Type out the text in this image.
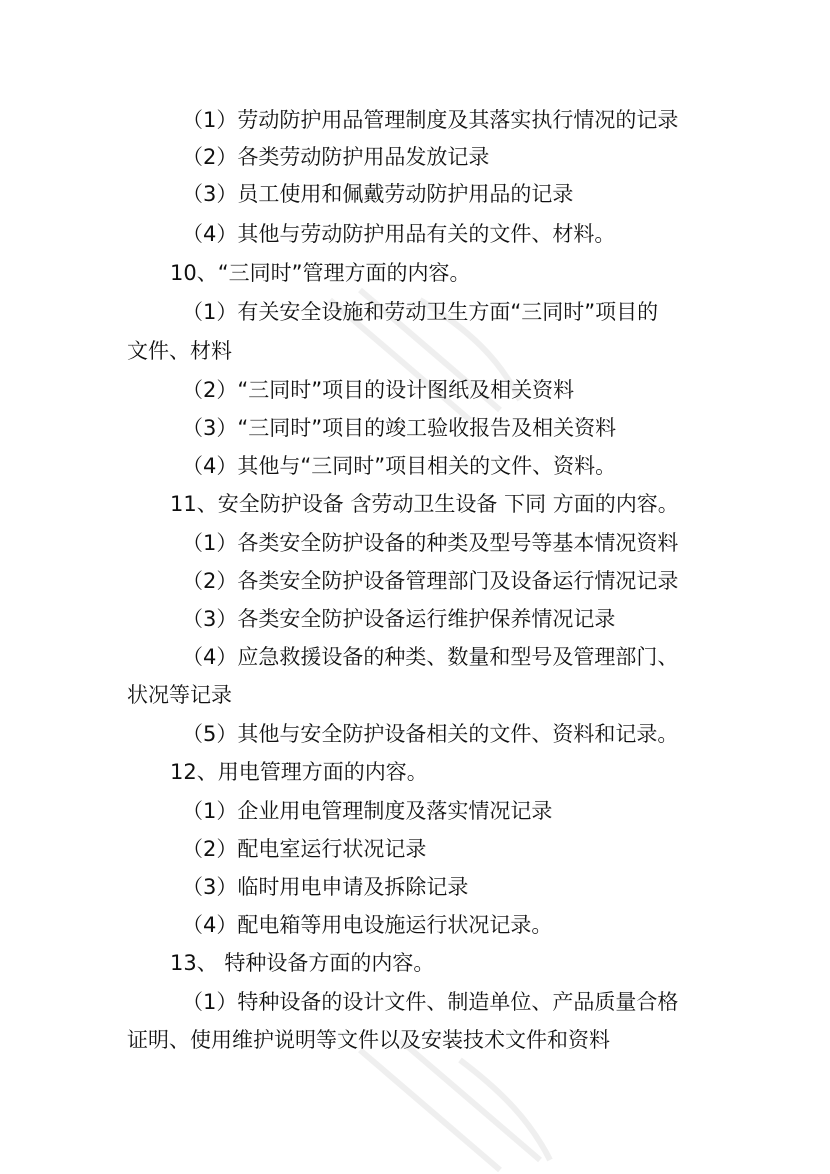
（1）劳动防护用品管理制度及其落实执行情况的记录
（2）各类劳动防护用品发放记录
（3）员工使用和佩戴劳动防护用品的记录
（4）其他与劳动防护用品有关的文件、材料。
10、“三同时”管理方面的内容。
（1）有关安全设施和劳动卫生方面“三同时”项目的
文件、材料
（2）“三同时”项目的设计图纸及相关资料
（3）“三同时”项目的竣工验收报告及相关资料
（4）其他与“三同时”项目相关的文件、资料。
11、安全防护设备 含劳动卫生设备 下同 方面的内容。
（1）各类安全防护设备的种类及型号等基本情况资料
（2）各类安全防护设备管理部门及设备运行情况记录
（3）各类安全防护设备运行维护保养情况记录
（4）应急救援设备的种类、数量和型号及管理部门、
状况等记录
（5）其他与安全防护设备相关的文件、资料和记录。
12、用电管理方面的内容。
（1）企业用电管理制度及落实情况记录
（2）配电室运行状况记录
（3）临时用电申请及拆除记录
（4）配电箱等用电设施运行状况记录。
13、 特种设备方面的内容。
（1）特种设备的设计文件、制造单位、产品质量合格
证明、使用维护说明等文件以及安装技术文件和资料
